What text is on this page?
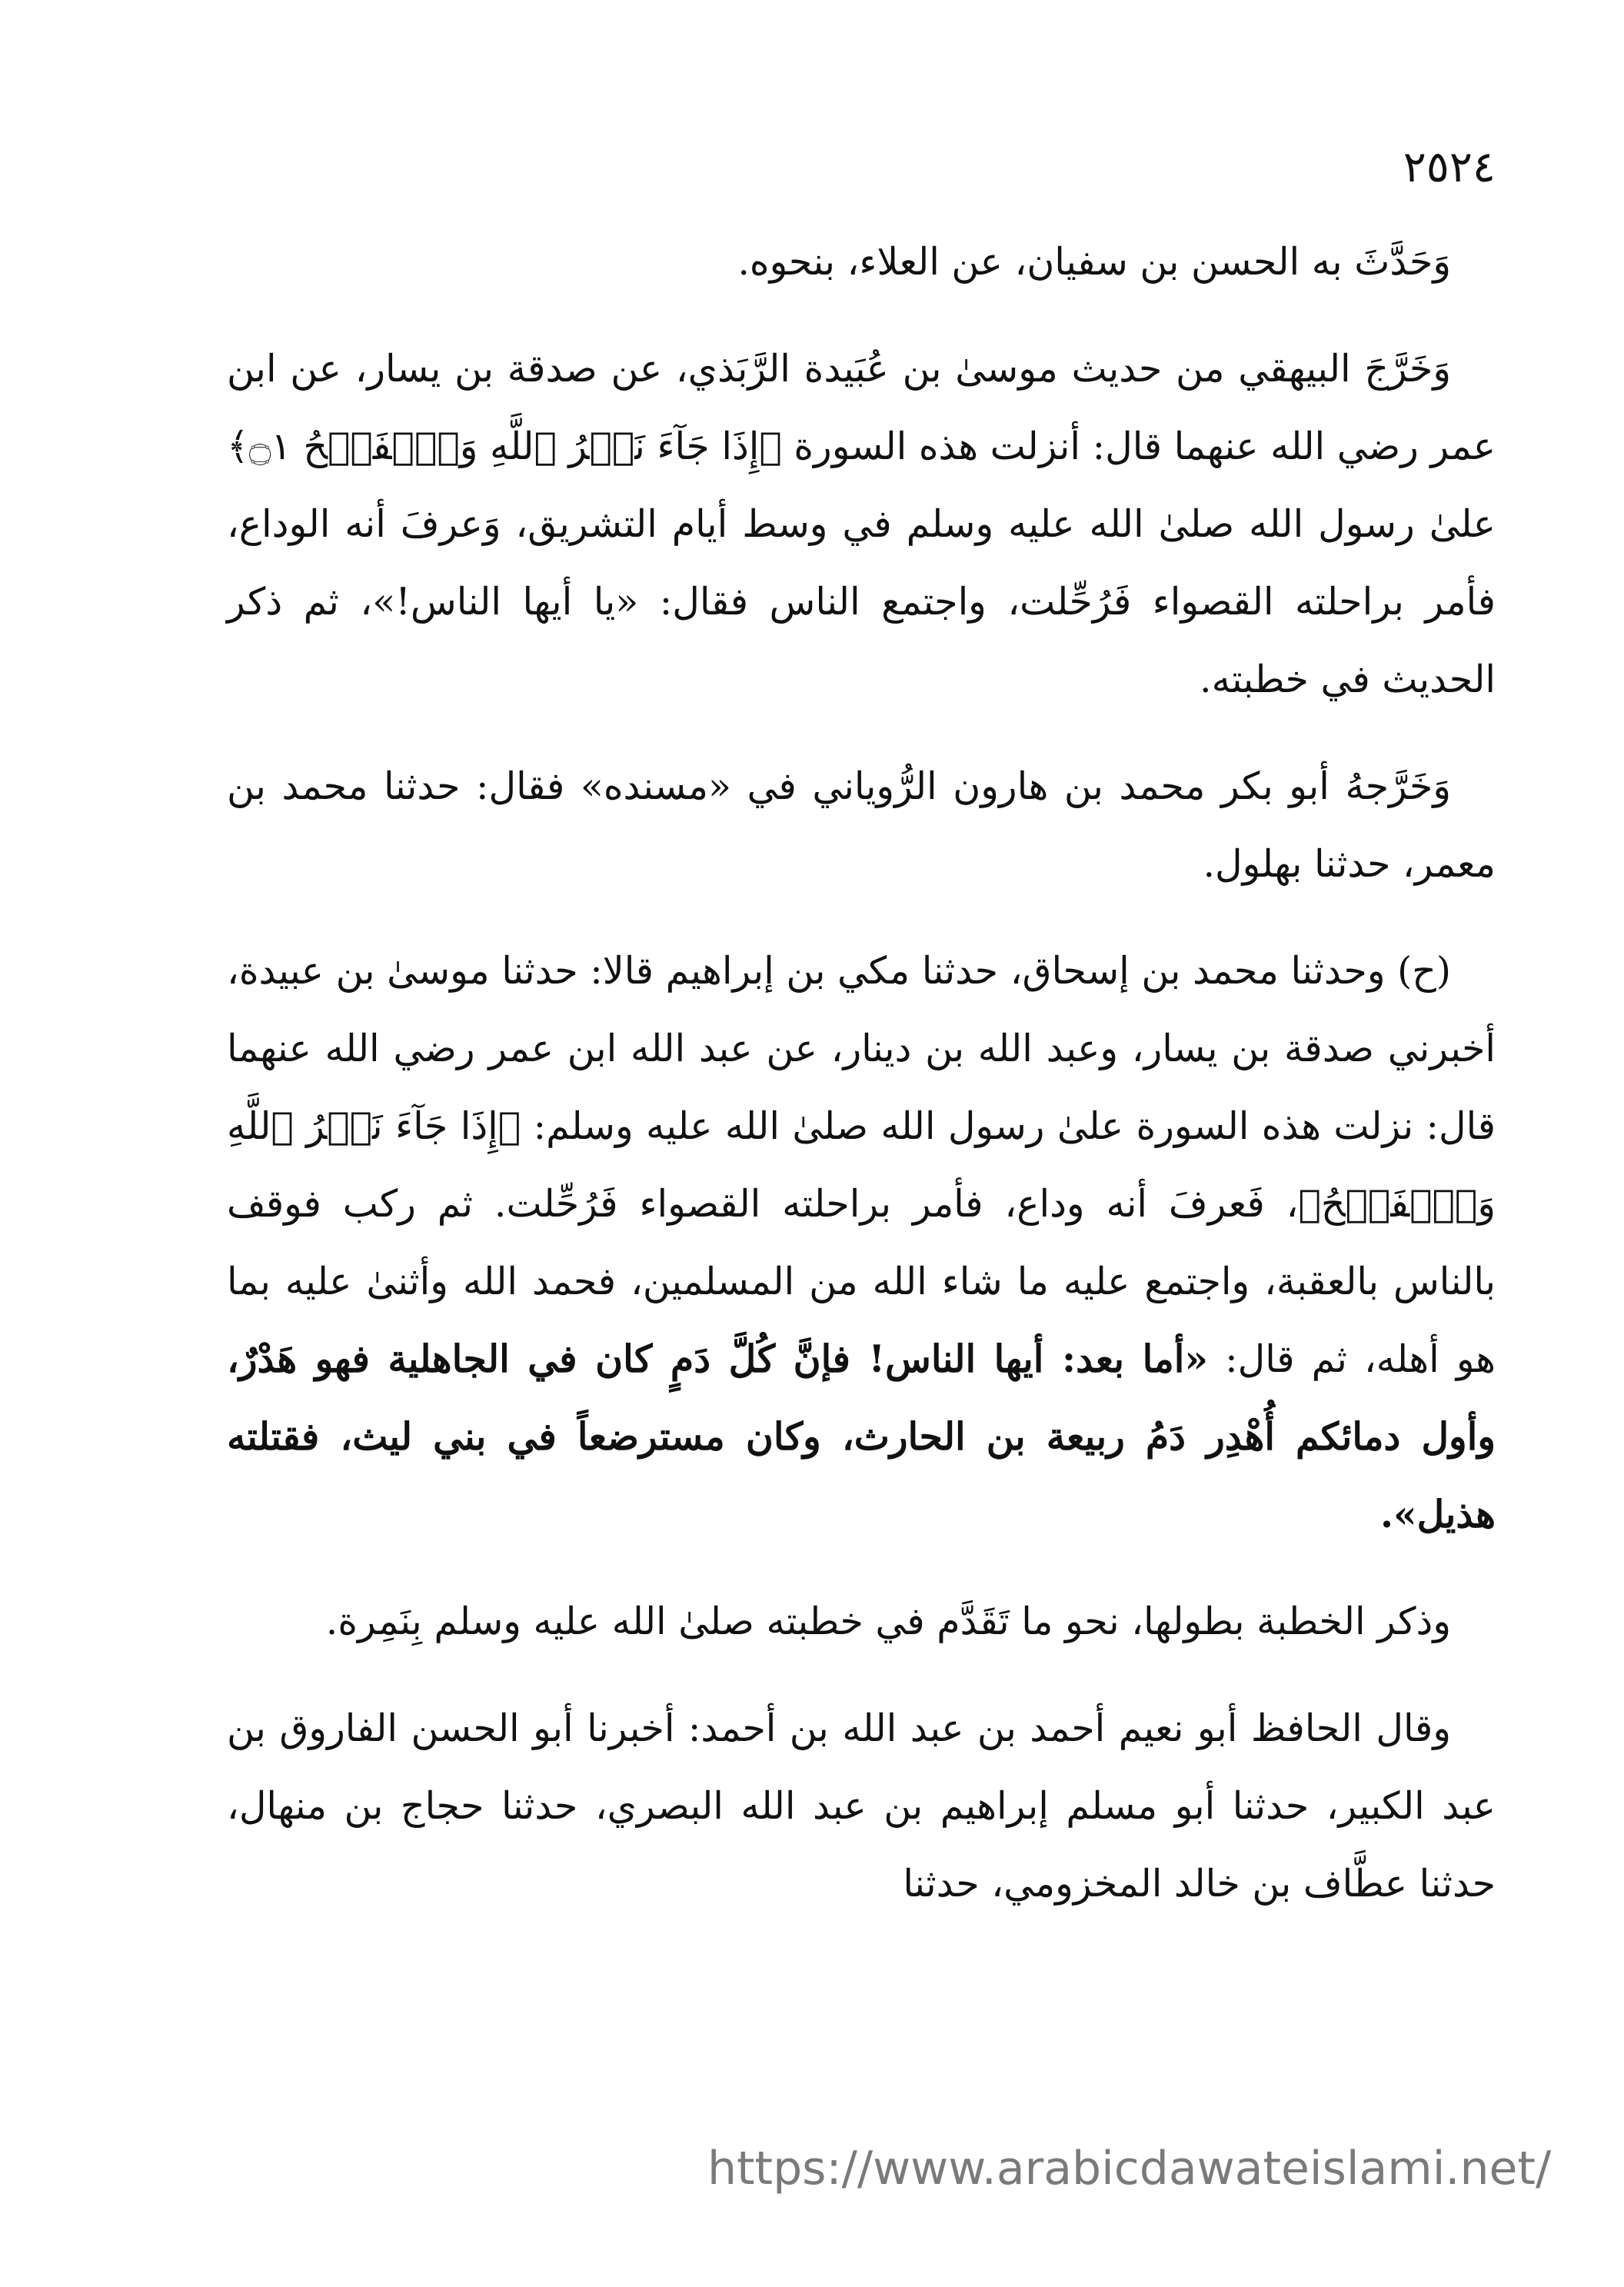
٢٥٢٤

وَحَدَّثَ به الحسن بن سفيان، عن العلاء، بنحوه.

وَخَرَّجَ البيهقي من حديث موسىٰ بن عُبَيدة الرَّبَذي، عن صدقة بن يسار، عن ابن عمر رضي الله عنهما قال: أنزلت هذه السورة ﴿إِذَا جَآءَ نَصۡرُ ٱللَّهِ وَٱلۡفَتۡحُ ۝١﴾ علىٰ رسول الله صلىٰ الله عليه وسلم في وسط أيام التشريق، وَعرفَ أنه الوداع، فأمر براحلته القصواء فَرُحِّلت، واجتمع الناس فقال: «يا أيها الناس!»، ثم ذكر الحديث في خطبته.

وَخَرَّجهُ أبو بكر محمد بن هارون الرُّوياني في «مسنده» فقال: حدثنا محمد بن معمر، حدثنا بهلول.

(ح) وحدثنا محمد بن إسحاق، حدثنا مكي بن إبراهيم قالا: حدثنا موسىٰ بن عبيدة، أخبرني صدقة بن يسار، وعبد الله بن دينار، عن عبد الله ابن عمر رضي الله عنهما قال: نزلت هذه السورة علىٰ رسول الله صلىٰ الله عليه وسلم: ﴿إِذَا جَآءَ نَصۡرُ ٱللَّهِ وَٱلۡفَتۡحُ﴾، فَعرفَ أنه وداع، فأمر براحلته القصواء فَرُحِّلت. ثم ركب فوقف بالناس بالعقبة، واجتمع عليه ما شاء الله من المسلمين، فحمد الله وأثنىٰ عليه بما هو أهله، ثم قال: «أما بعد: أيها الناس! فإنَّ كُلَّ دَمٍ كان في الجاهلية فهو هَدْرٌ، وأول دمائكم أُهْدِر دَمُ ربيعة بن الحارث، وكان مسترضعاً في بني ليث، فقتلته هذيل».

وذكر الخطبة بطولها، نحو ما تَقَدَّم في خطبته صلىٰ الله عليه وسلم بِنَمِرة.

وقال الحافظ أبو نعيم أحمد بن عبد الله بن أحمد: أخبرنا أبو الحسن الفاروق بن عبد الكبير، حدثنا أبو مسلم إبراهيم بن عبد الله البصري، حدثنا حجاج بن منهال، حدثنا عطَّاف بن خالد المخزومي، حدثنا

https://www.arabicdawateislami.net/
